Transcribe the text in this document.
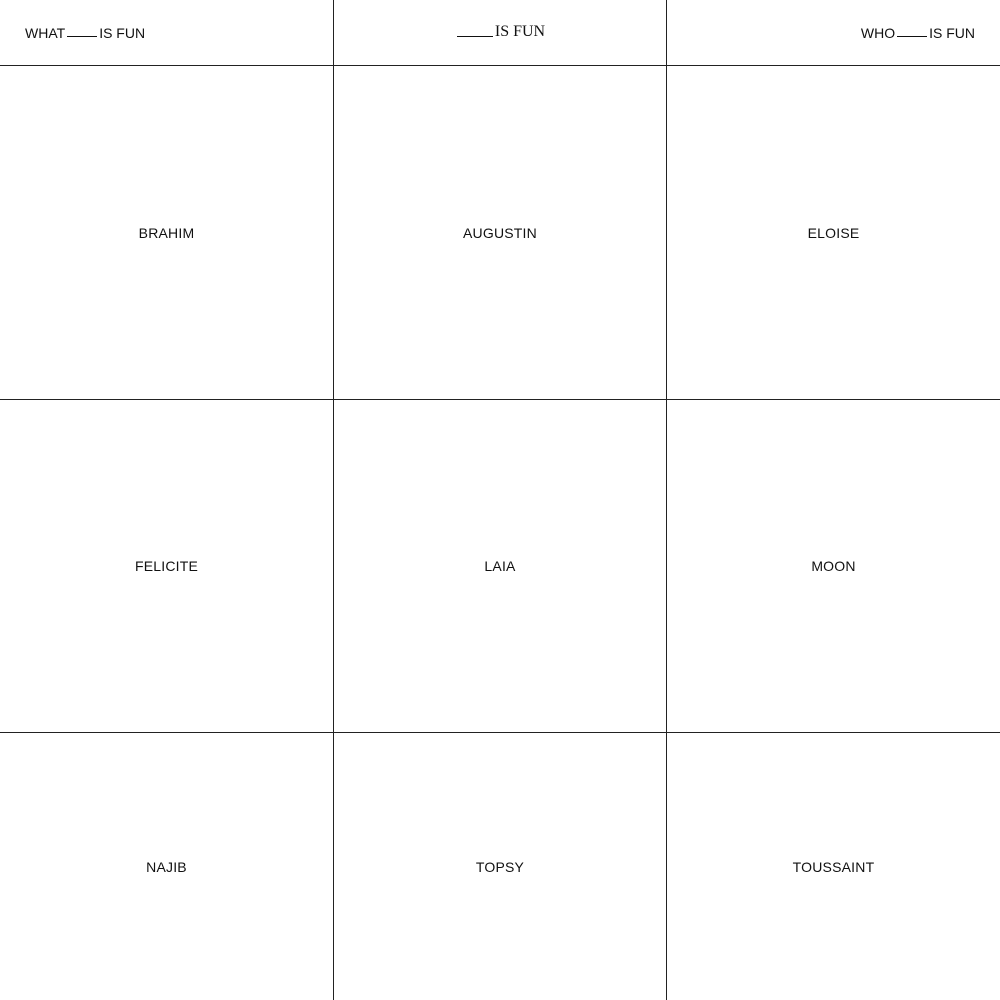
WHAT IS FUN	IS FUN	WHO IS FUN
BRAHIM	AUGUSTIN	ELOISE
FELICITE	LAIA	MOON
NAJIB	TOPSY	TOUSSAINT
